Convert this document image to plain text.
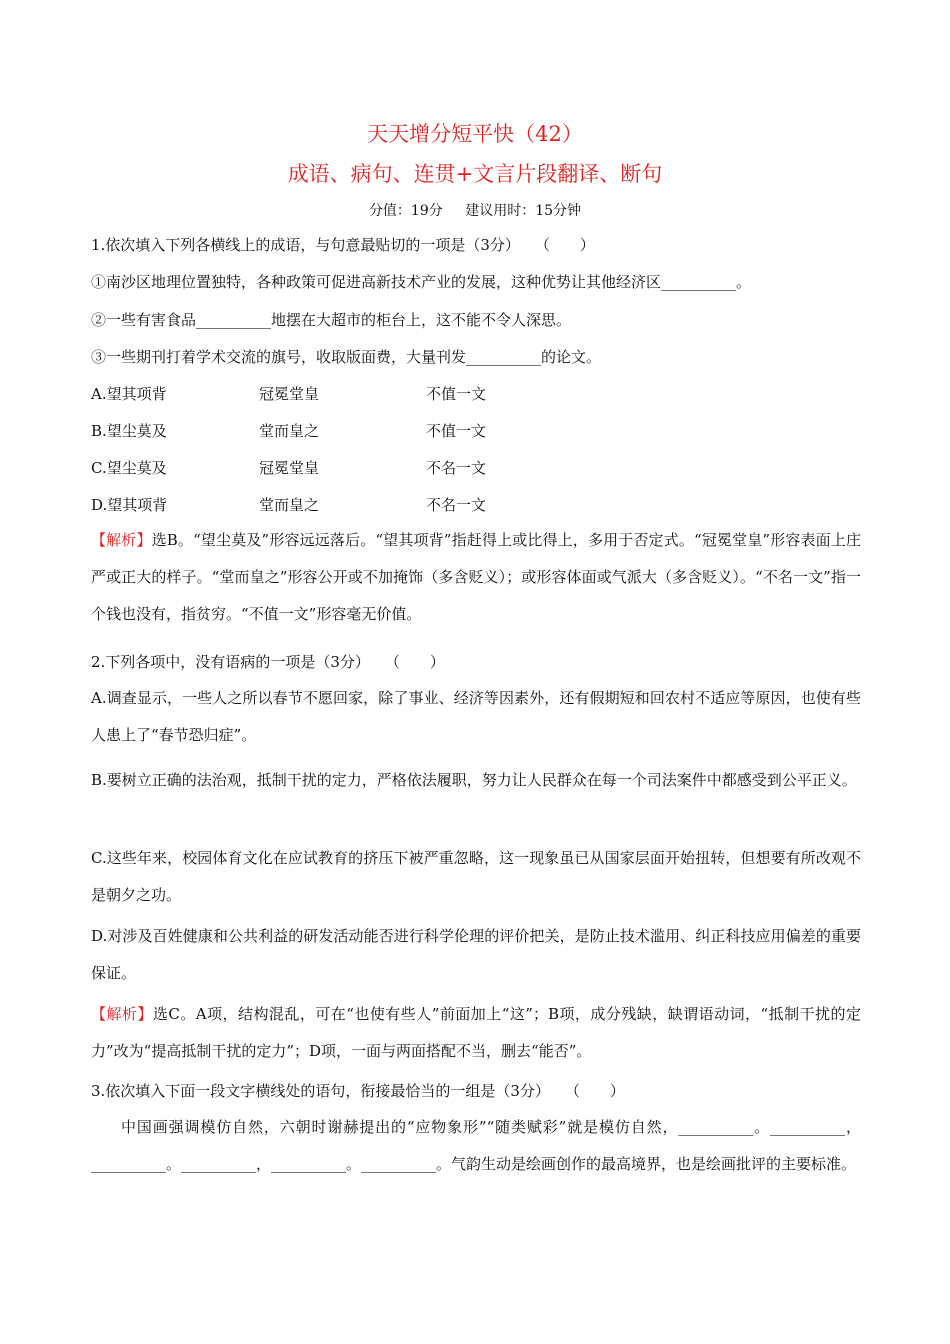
天天增分短平快（42）
成语、病句、连贯+文言片段翻译、断句
分值：19分 建议用时：15分钟
1.依次填入下列各横线上的成语，与句意最贴切的一项是（3分）　　（　　）
①南沙区地理位置独特，各种政策可促进高新技术产业的发展，这种优势让其他经济区__________。
②一些有害食品__________地摆在大超市的柜台上，这不能不令人深思。
③一些期刊打着学术交流的旗号，收取版面费，大量刊发__________的论文。
A.望其项背	冠冕堂皇	不值一文
B.望尘莫及	堂而皇之	不值一文
C.望尘莫及	冠冕堂皇	不名一文
D.望其项背	堂而皇之	不名一文
【解析】选B。“望尘莫及”形容远远落后。“望其项背”指赶得上或比得上，多用于否定式。“冠冕堂皇”形容表面上庄严或正大的样子。“堂而皇之”形容公开或不加掩饰（多含贬义）；或形容体面或气派大（多含贬义）。“不名一文”指一个钱也没有，指贫穷。“不值一文”形容毫无价值。
2.下列各项中，没有语病的一项是（3分）　　（　　）
A.调查显示，一些人之所以春节不愿回家，除了事业、经济等因素外，还有假期短和回农村不适应等原因，也使有些人患上了“春节恐归症”。
B.要树立正确的法治观，抵制干扰的定力，严格依法履职，努力让人民群众在每一个司法案件中都感受到公平正义。
C.这些年来，校园体育文化在应试教育的挤压下被严重忽略，这一现象虽已从国家层面开始扭转，但想要有所改观不是朝夕之功。
D.对涉及百姓健康和公共利益的研发活动能否进行科学伦理的评价把关，是防止技术滥用、纠正科技应用偏差的重要保证。
【解析】选C。A项，结构混乱，可在“也使有些人”前面加上“这”；B项，成分残缺，缺谓语动词，“抵制干扰的定力”改为“提高抵制干扰的定力”；D项，一面与两面搭配不当，删去“能否”。
3.依次填入下面一段文字横线处的语句，衔接最恰当的一组是（3分）　　（　　）
中国画强调模仿自然，六朝时谢赫提出的“应物象形”“随类赋彩”就是模仿自然，__________。__________，__________。__________，__________。__________。气韵生动是绘画创作的最高境界，也是绘画批评的主要标准。
